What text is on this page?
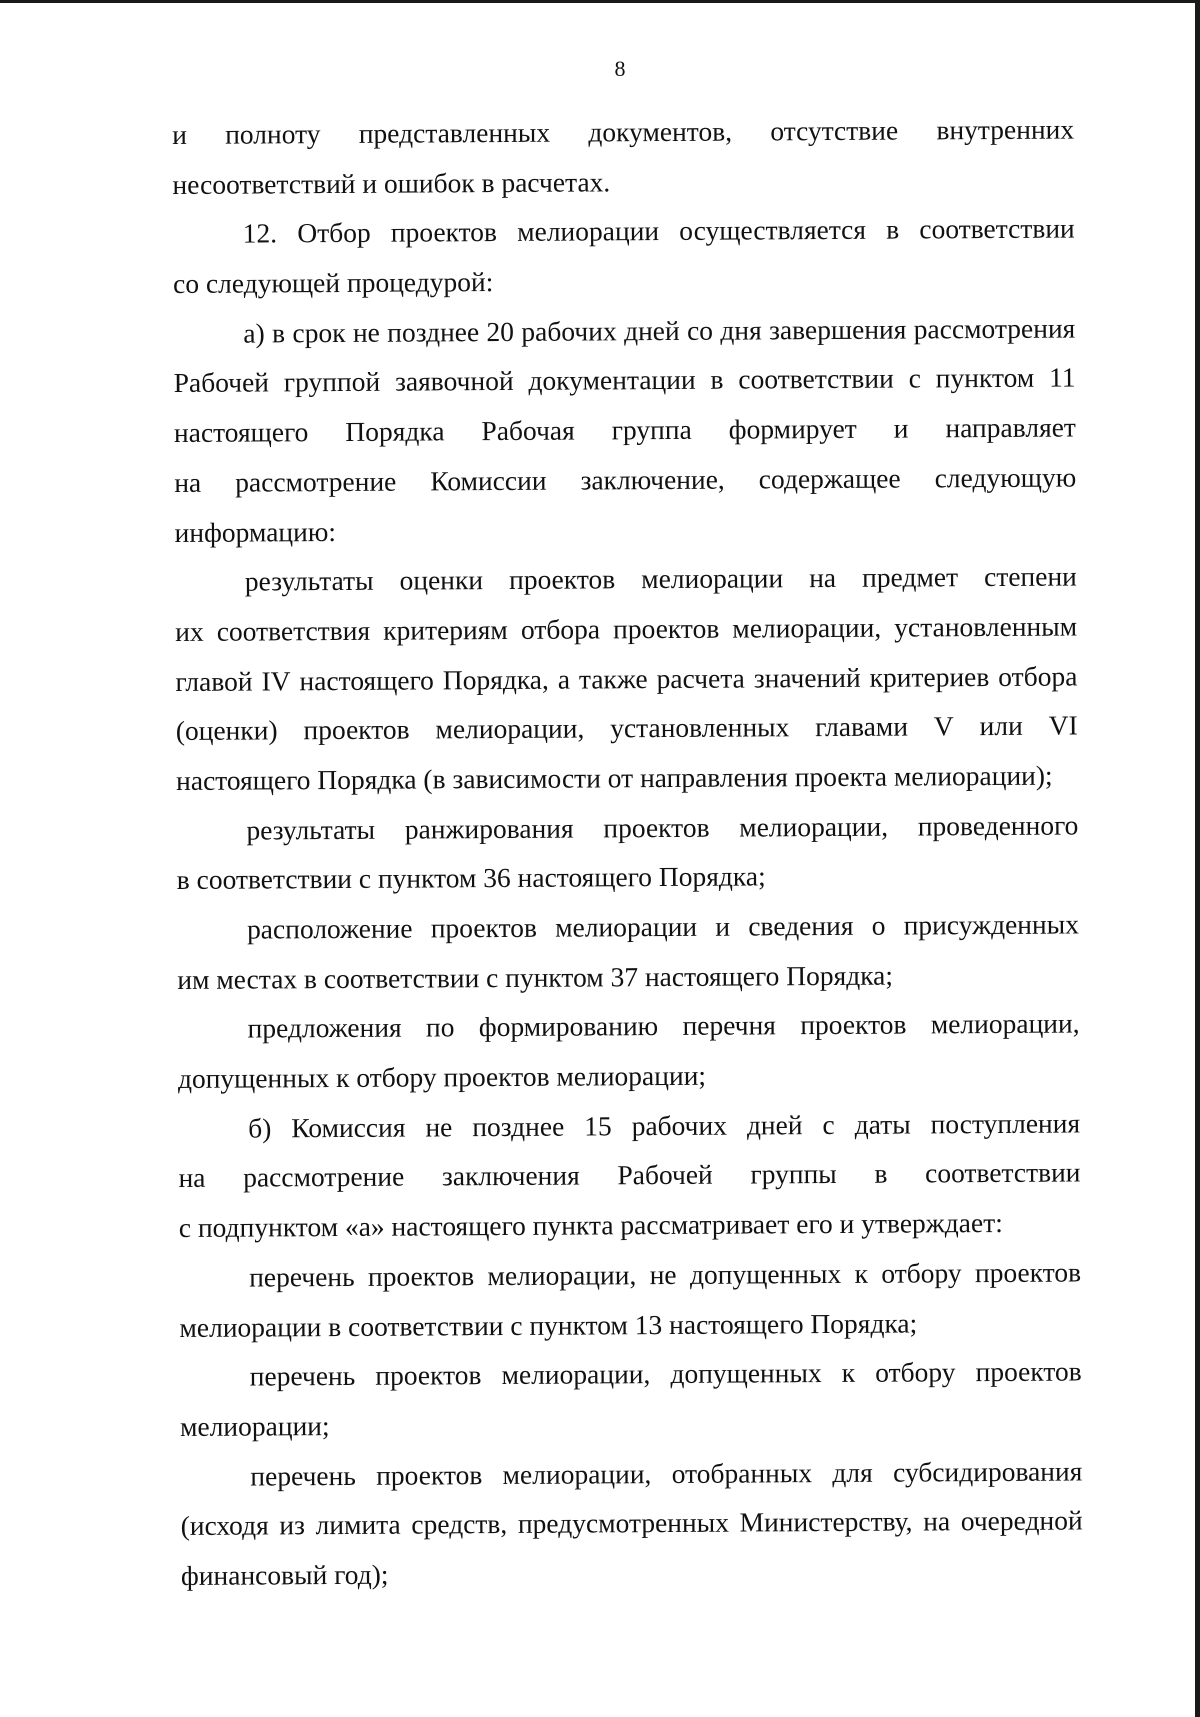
8
и полноту представленных документов, отсутствие внутренних
несоответствий и ошибок в расчетах.
12. Отбор проектов мелиорации осуществляется в соответствии
со следующей процедурой:
а) в срок не позднее 20 рабочих дней со дня завершения рассмотрения
Рабочей группой заявочной документации в соответствии с пунктом 11
настоящего Порядка Рабочая группа формирует и направляет
на рассмотрение Комиссии заключение, содержащее следующую
информацию:
результаты оценки проектов мелиорации на предмет степени
их соответствия критериям отбора проектов мелиорации, установленным
главой IV настоящего Порядка, а также расчета значений критериев отбора
(оценки) проектов мелиорации, установленных главами V или VI
настоящего Порядка (в зависимости от направления проекта мелиорации);
результаты ранжирования проектов мелиорации, проведенного
в соответствии с пунктом 36 настоящего Порядка;
расположение проектов мелиорации и сведения о присужденных
им местах в соответствии с пунктом 37 настоящего Порядка;
предложения по формированию перечня проектов мелиорации,
допущенных к отбору проектов мелиорации;
б) Комиссия не позднее 15 рабочих дней с даты поступления
на рассмотрение заключения Рабочей группы в соответствии
с подпунктом «а» настоящего пункта рассматривает его и утверждает:
перечень проектов мелиорации, не допущенных к отбору проектов
мелиорации в соответствии с пунктом 13 настоящего Порядка;
перечень проектов мелиорации, допущенных к отбору проектов
мелиорации;
перечень проектов мелиорации, отобранных для субсидирования
(исходя из лимита средств, предусмотренных Министерству, на очередной
финансовый год);
